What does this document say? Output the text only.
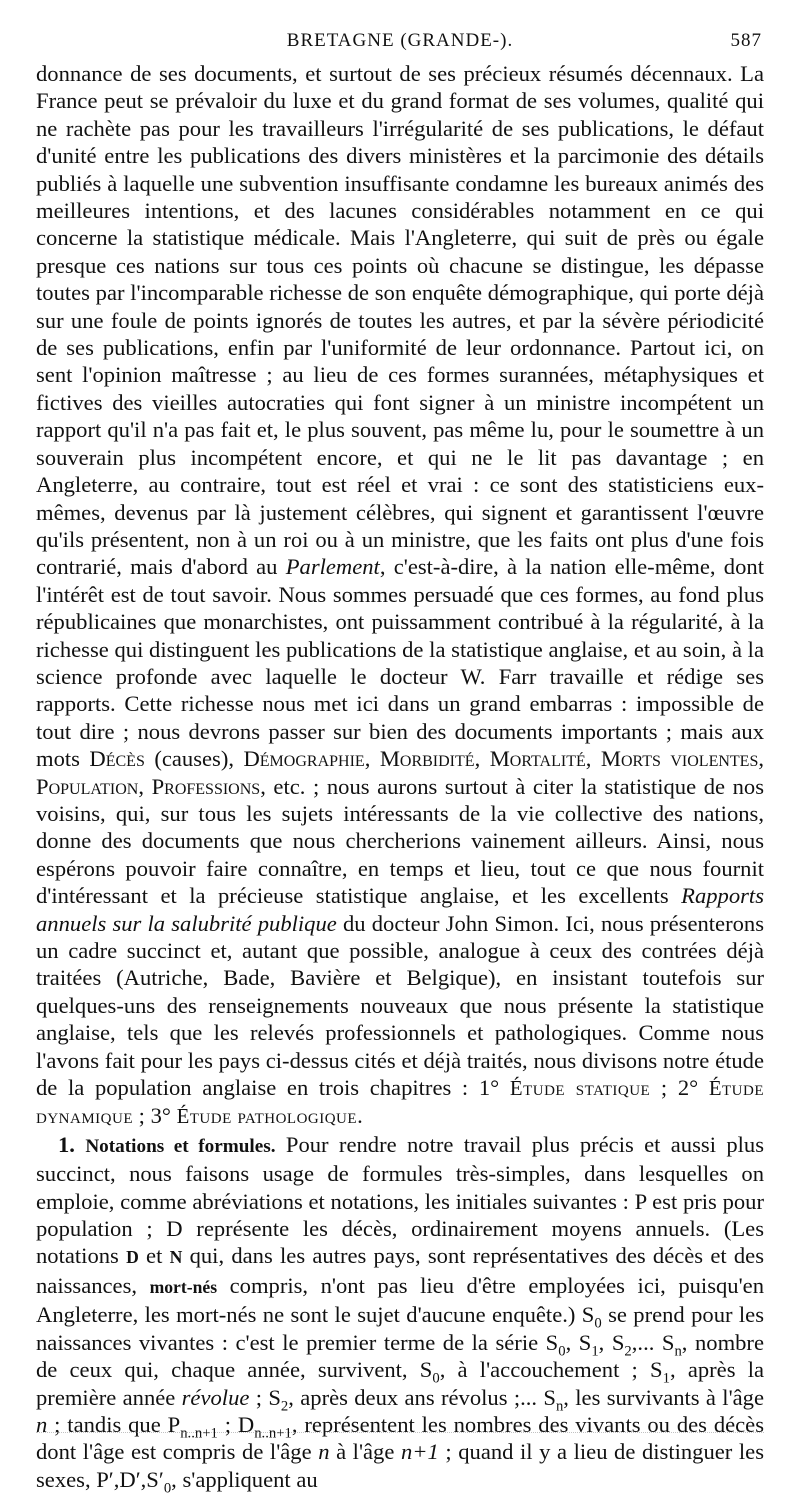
BRETAGNE (GRANDE-).	587

donnance de ses documents, et surtout de ses précieux résumés décennaux. La France peut se prévaloir du luxe et du grand format de ses volumes, qualité qui ne rachète pas pour les travailleurs l'irrégularité de ses publications, le défaut d'unité entre les publications des divers ministères et la parcimonie des détails publiés à laquelle une subvention insuffisante condamne les bureaux animés des meilleures intentions, et des lacunes considérables notamment en ce qui concerne la statistique médicale. Mais l'Angleterre, qui suit de près ou égale presque ces nations sur tous ces points où chacune se distingue, les dépasse toutes par l'incomparable richesse de son enquête démographique, qui porte déjà sur une foule de points ignorés de toutes les autres, et par la sévère périodicité de ses publications, enfin par l'uniformité de leur ordonnance. Partout ici, on sent l'opinion maîtresse ; au lieu de ces formes surannées, métaphysiques et fictives des vieilles autocraties qui font signer à un ministre incompétent un rapport qu'il n'a pas fait et, le plus souvent, pas même lu, pour le soumettre à un souverain plus incompétent encore, et qui ne le lit pas davantage ; en Angleterre, au contraire, tout est réel et vrai : ce sont des statisticiens eux-mêmes, devenus par là justement célèbres, qui signent et garantissent l'œuvre qu'ils présentent, non à un roi ou à un ministre, que les faits ont plus d'une fois contrarié, mais d'abord au Parlement, c'est-à-dire, à la nation elle-même, dont l'intérêt est de tout savoir. Nous sommes persuadé que ces formes, au fond plus républicaines que monarchistes, ont puissamment contribué à la régularité, à la richesse qui distinguent les publications de la statistique anglaise, et au soin, à la science profonde avec laquelle le docteur W. Farr travaille et rédige ses rapports. Cette richesse nous met ici dans un grand embarras : impossible de tout dire ; nous devrons passer sur bien des documents importants ; mais aux mots Décès (causes), Démographie, Morbidité, Mortalité, Morts violentes, Population, Professions, etc. ; nous aurons surtout à citer la statistique de nos voisins, qui, sur tous les sujets intéressants de la vie collective des nations, donne des documents que nous chercherions vainement ailleurs. Ainsi, nous espérons pouvoir faire connaître, en temps et lieu, tout ce que nous fournit d'intéressant et la précieuse statistique anglaise, et les excellents Rapports annuels sur la salubrité publique du docteur John Simon. Ici, nous présenterons un cadre succinct et, autant que possible, analogue à ceux des contrées déjà traitées (Autriche, Bade, Bavière et Belgique), en insistant toutefois sur quelques-uns des renseignements nouveaux que nous présente la statistique anglaise, tels que les relevés professionnels et pathologiques. Comme nous l'avons fait pour les pays ci-dessus cités et déjà traités, nous divisons notre étude de la population anglaise en trois chapitres : 1° Étude statique ; 2° Étude dynamique ; 3° Étude pathologique.

1. Notations et formules. Pour rendre notre travail plus précis et aussi plus succinct, nous faisons usage de formules très-simples, dans lesquelles on emploie, comme abréviations et notations, les initiales suivantes : P est pris pour population ; D représente les décès, ordinairement moyens annuels. (Les notations D et N qui, dans les autres pays, sont représentatives des décès et des naissances, mort-nés compris, n'ont pas lieu d'être employées ici, puisqu'en Angleterre, les mort-nés ne sont le sujet d'aucune enquête.) $S_0$ se prend pour les naissances vivantes : c'est le premier terme de la série $S_0$, $S_1$, $S_2$,... $S_n$, nombre de ceux qui, chaque année, survivent, $S_0$, à l'accouchement ; $S_1$, après la première année révolue ; $S_2$, après deux ans révolus ;... $S_n$, les survivants à l'âge n ; tandis que $P_{n..n+1}$ ; $D_{n..n+1}$, représentent les nombres des vivants ou des décès dont l'âge est compris de l'âge n à l'âge n+1 ; quand il y a lieu de distinguer les sexes, $P',D',S'_0$, s'appliquent au
